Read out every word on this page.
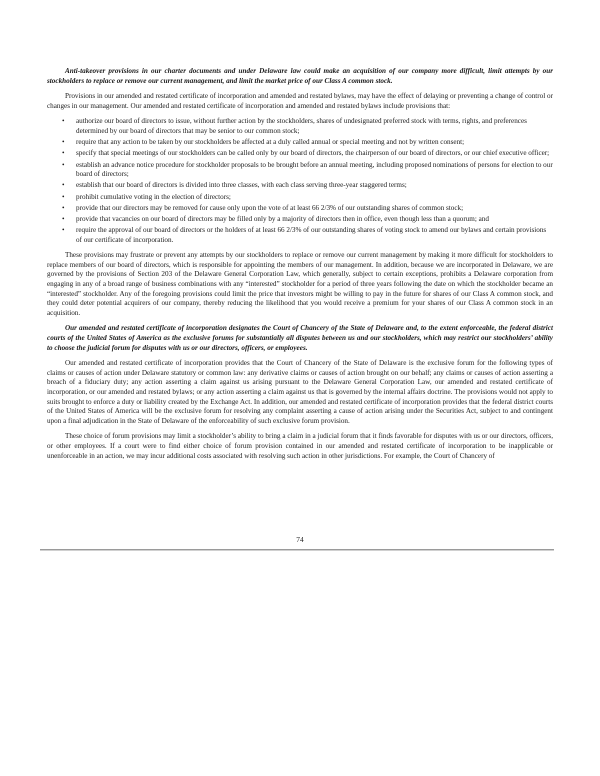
Anti-takeover provisions in our charter documents and under Delaware law could make an acquisition of our company more difficult, limit attempts by our stockholders to replace or remove our current management, and limit the market price of our Class A common stock.

Provisions in our amended and restated certificate of incorporation and amended and restated bylaws, may have the effect of delaying or preventing a change of control or changes in our management. Our amended and restated certificate of incorporation and amended and restated bylaws include provisions that:

• authorize our board of directors to issue, without further action by the stockholders, shares of undesignated preferred stock with terms, rights, and preferences determined by our board of directors that may be senior to our common stock;
• require that any action to be taken by our stockholders be affected at a duly called annual or special meeting and not by written consent;
• specify that special meetings of our stockholders can be called only by our board of directors, the chairperson of our board of directors, or our chief executive officer;
• establish an advance notice procedure for stockholder proposals to be brought before an annual meeting, including proposed nominations of persons for election to our board of directors;
• establish that our board of directors is divided into three classes, with each class serving three-year staggered terms;
• prohibit cumulative voting in the election of directors;
• provide that our directors may be removed for cause only upon the vote of at least 66 2/3% of our outstanding shares of common stock;
• provide that vacancies on our board of directors may be filled only by a majority of directors then in office, even though less than a quorum; and
• require the approval of our board of directors or the holders of at least 66 2/3% of our outstanding shares of voting stock to amend our bylaws and certain provisions of our certificate of incorporation.

These provisions may frustrate or prevent any attempts by our stockholders to replace or remove our current management by making it more difficult for stockholders to replace members of our board of directors, which is responsible for appointing the members of our management. In addition, because we are incorporated in Delaware, we are governed by the provisions of Section 203 of the Delaware General Corporation Law, which generally, subject to certain exceptions, prohibits a Delaware corporation from engaging in any of a broad range of business combinations with any “interested” stockholder for a period of three years following the date on which the stockholder became an “interested” stockholder. Any of the foregoing provisions could limit the price that investors might be willing to pay in the future for shares of our Class A common stock, and they could deter potential acquirers of our company, thereby reducing the likelihood that you would receive a premium for your shares of our Class A common stock in an acquisition.

Our amended and restated certificate of incorporation designates the Court of Chancery of the State of Delaware and, to the extent enforceable, the federal district courts of the United States of America as the exclusive forums for substantially all disputes between us and our stockholders, which may restrict our stockholders’ ability to choose the judicial forum for disputes with us or our directors, officers, or employees.

Our amended and restated certificate of incorporation provides that the Court of Chancery of the State of Delaware is the exclusive forum for the following types of claims or causes of action under Delaware statutory or common law: any derivative claims or causes of action brought on our behalf; any claims or causes of action asserting a breach of a fiduciary duty; any action asserting a claim against us arising pursuant to the Delaware General Corporation Law, our amended and restated certificate of incorporation, or our amended and restated bylaws; or any action asserting a claim against us that is governed by the internal affairs doctrine. The provisions would not apply to suits brought to enforce a duty or liability created by the Exchange Act. In addition, our amended and restated certificate of incorporation provides that the federal district courts of the United States of America will be the exclusive forum for resolving any complaint asserting a cause of action arising under the Securities Act, subject to and contingent upon a final adjudication in the State of Delaware of the enforceability of such exclusive forum provision.

These choice of forum provisions may limit a stockholder’s ability to bring a claim in a judicial forum that it finds favorable for disputes with us or our directors, officers, or other employees. If a court were to find either choice of forum provision contained in our amended and restated certificate of incorporation to be inapplicable or unenforceable in an action, we may incur additional costs associated with resolving such action in other jurisdictions. For example, the Court of Chancery of

74
